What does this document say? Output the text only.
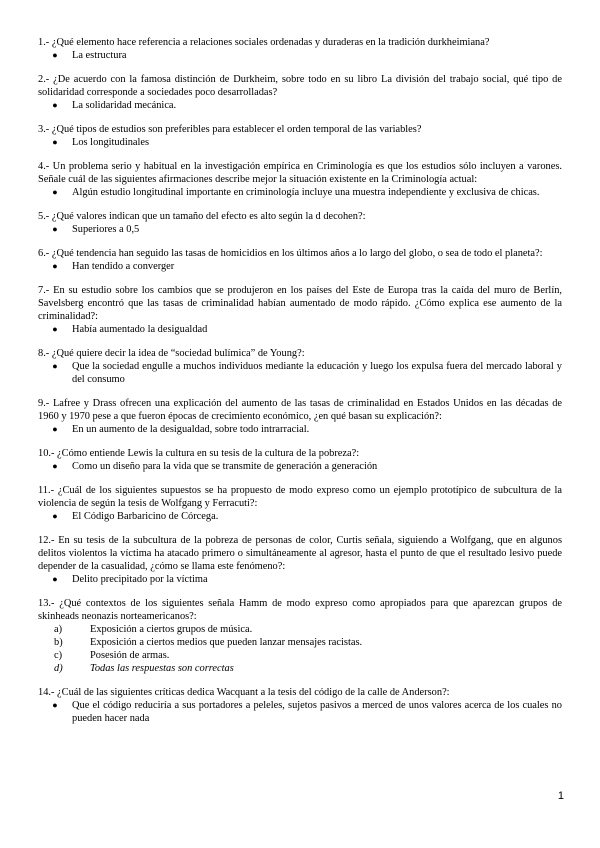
1.- ¿Qué elemento hace referencia a relaciones sociales ordenadas y duraderas en la tradición durkheimiana?
●	La estructura
2.- ¿De acuerdo con la famosa distinción de Durkheim, sobre todo en su libro La división del trabajo social, qué tipo de solidaridad corresponde a sociedades poco desarrolladas?
●	La solidaridad mecánica.
3.- ¿Qué tipos de estudios son preferibles para establecer el orden temporal de las variables?
●	Los longitudinales
4.- Un problema serio y habitual en la investigación empírica en Criminología es que los estudios sólo incluyen a varones. Señale cuál de las siguientes afirmaciones describe mejor la situación existente en la Criminología actual:
●	Algún estudio longitudinal importante en criminología incluye una muestra independiente y exclusiva de chicas.
5.- ¿Qué valores indican que un tamaño del efecto es alto según la d decohen?:
●	Superiores a 0,5
6.- ¿Qué tendencia han seguido las tasas de homicidios en los últimos años a lo largo del globo, o sea de todo el planeta?:
●	Han tendido a converger
7.- En su estudio sobre los cambios que se produjeron en los países del Este de Europa tras la caída del muro de Berlín, Savelsberg encontró que las tasas de criminalidad habían aumentado de modo rápido. ¿Cómo explica ese aumento de la criminalidad?:
●	Había aumentado la desigualdad
8.- ¿Qué quiere decir la idea de “sociedad bulímica” de Young?:
●	Que la sociedad engulle a muchos individuos mediante la educación y luego los expulsa fuera del mercado laboral y del consumo
9.- Lafree y Drass ofrecen una explicación del aumento de las tasas de criminalidad en Estados Unidos en las décadas de 1960 y 1970 pese a que fueron épocas de crecimiento económico, ¿en qué basan su explicación?:
●	En un aumento de la desigualdad, sobre todo intrarracial.
10.- ¿Cómo entiende Lewis la cultura en su tesis de la cultura de la pobreza?:
●	Como un diseño para la vida que se transmite de generación a generación
11.- ¿Cuál de los siguientes supuestos se ha propuesto de modo expreso como un ejemplo prototípico de subcultura de la violencia de según la tesis de Wolfgang y Ferracuti?:
●	El Código Barbaricino de Córcega.
12.- En su tesis de la subcultura de la pobreza de personas de color, Curtis señala, siguiendo a Wolfgang, que en algunos delitos violentos la víctima ha atacado primero o simultáneamente al agresor, hasta el punto de que el resultado lesivo puede depender de la casualidad, ¿cómo se llama este fenómeno?:
●	Delito precipitado por la víctima
13.- ¿Qué contextos de los siguientes señala Hamm de modo expreso como apropiados para que aparezcan grupos de skinheads neonazis norteamericanos?:
a)	Exposición a ciertos grupos de música.
b)	Exposición a ciertos medios que pueden lanzar mensajes racistas.
c)	Posesión de armas.
d)	Todas las respuestas son correctas
14.- ¿Cuál de las siguientes críticas dedica Wacquant a la tesis del código de la calle de Anderson?:
●	Que el código reduciría a sus portadores a peleles, sujetos pasivos a merced de unos valores acerca de los cuales no pueden hacer nada
1
